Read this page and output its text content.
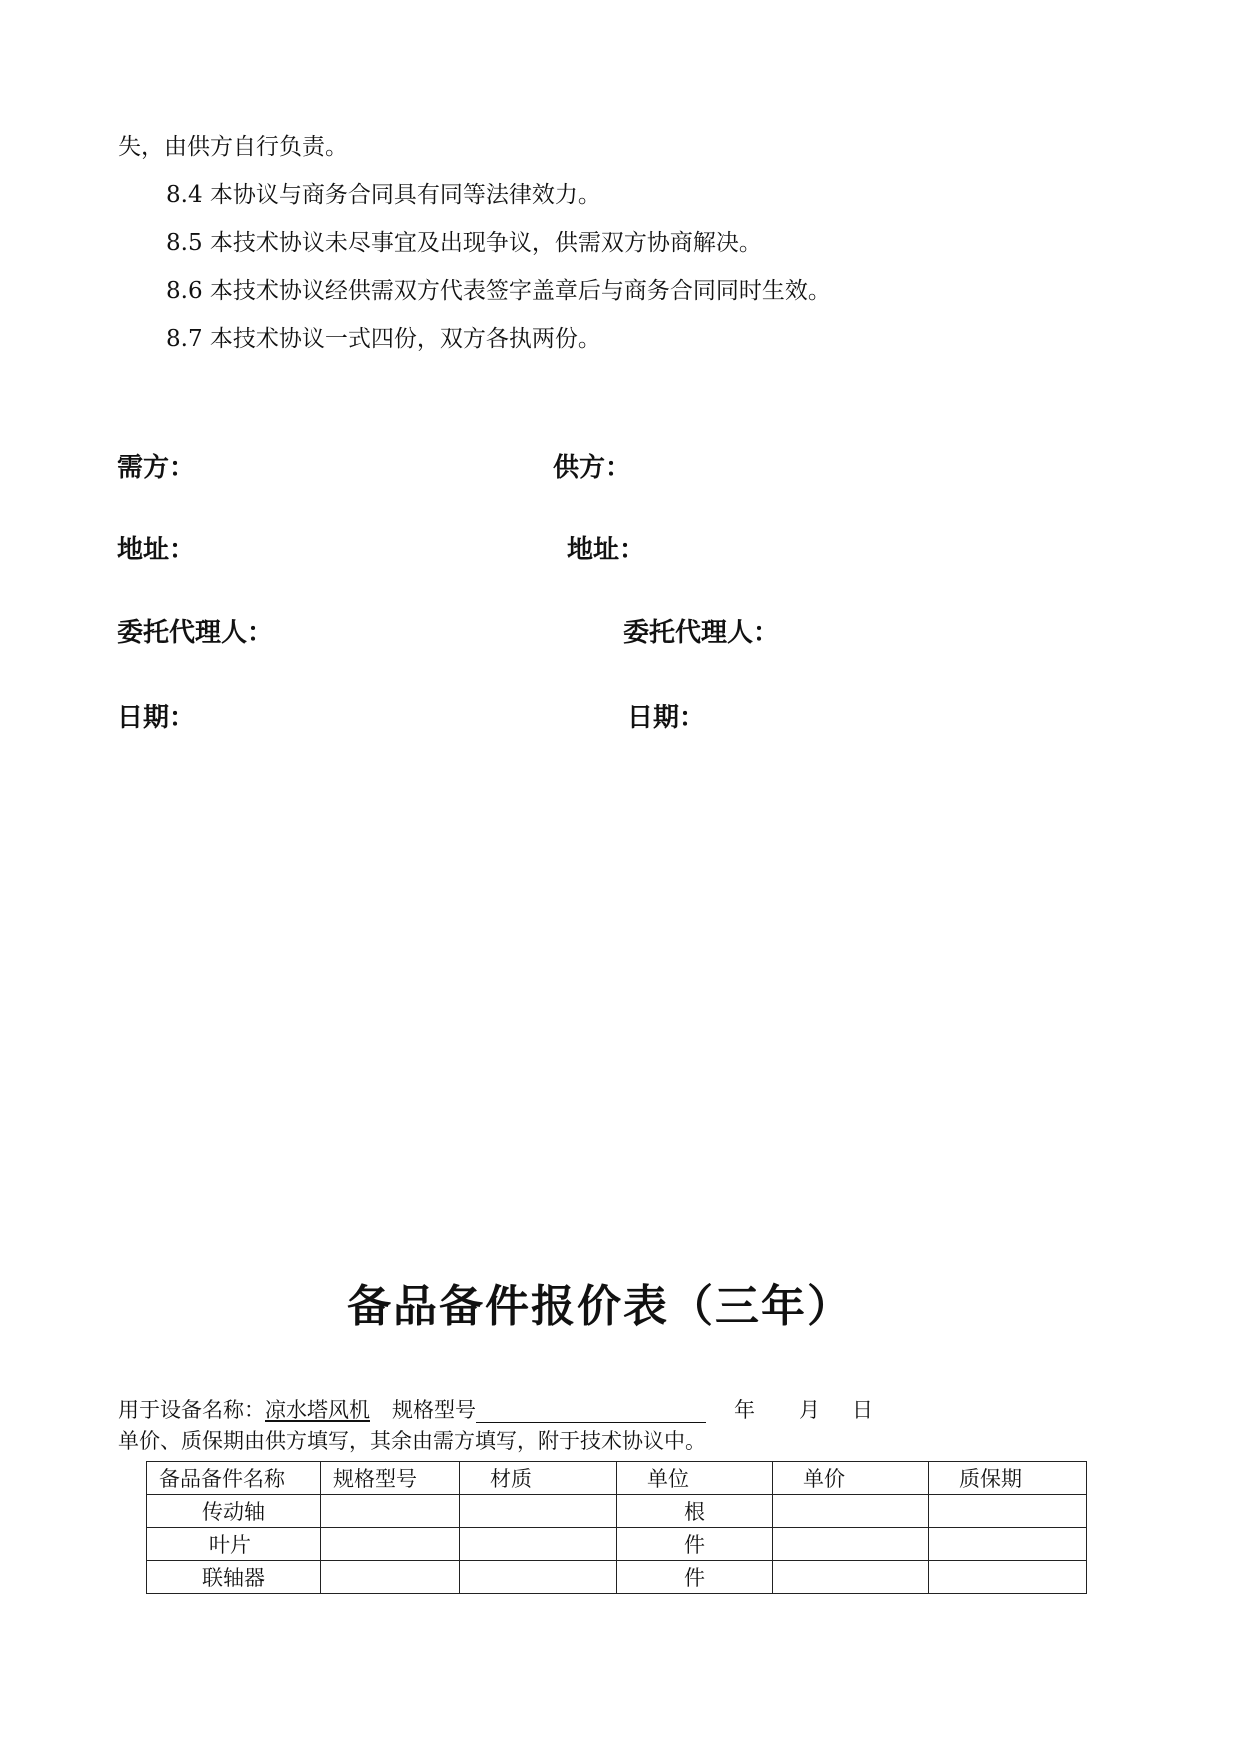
失，由供方自行负责。
8.4 本协议与商务合同具有同等法律效力。
8.5 本技术协议未尽事宜及出现争议，供需双方协商解决。
8.6 本技术协议经供需双方代表签字盖章后与商务合同同时生效。
8.7 本技术协议一式四份，双方各执两份。
需方：	供方：
地址：	地址：
委托代理人：	委托代理人：
日期：	日期：
备品备件报价表（三年）
用于设备名称：凉水塔风机 规格型号	年 月 日
单价、质保期由供方填写，其余由需方填写，附于技术协议中。
备品备件名称	规格型号	材质	单位	单价	质保期
传动轴			根		
叶片			件		
联轴器			件		
